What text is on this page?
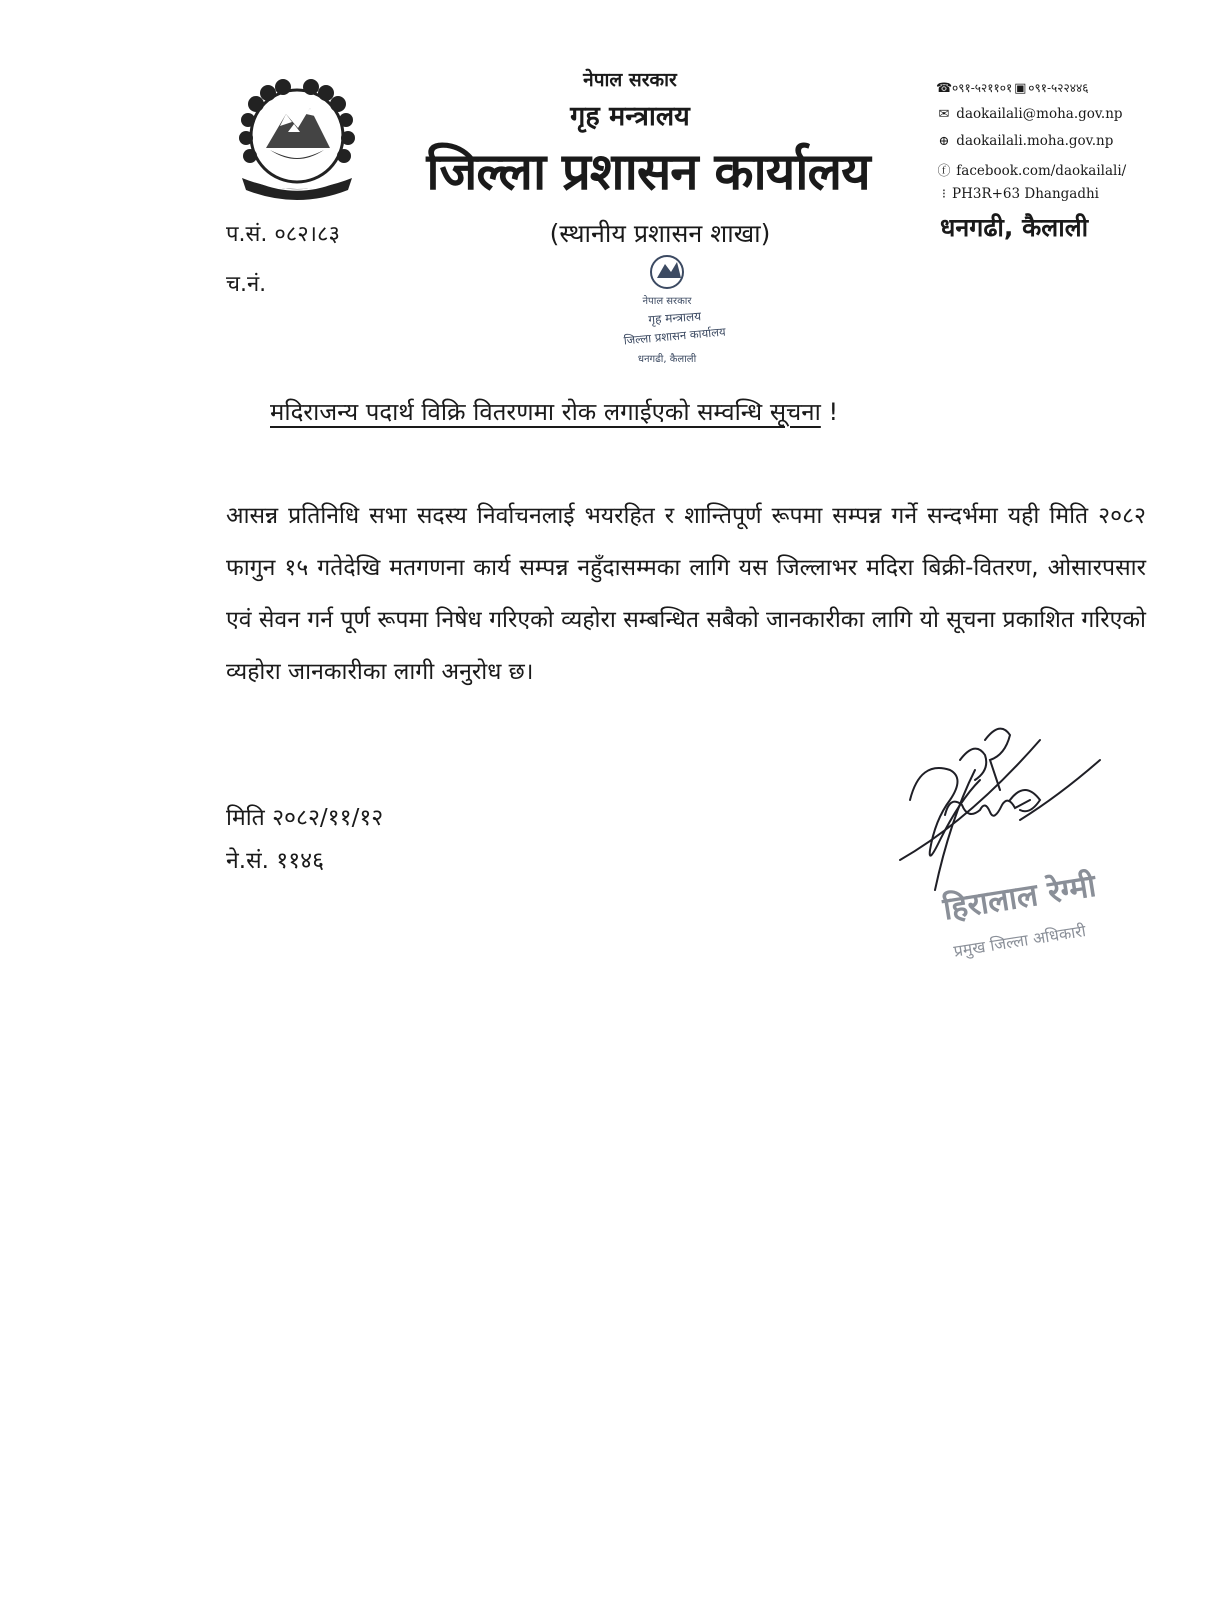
नेपाल सरकार
गृह मन्त्रालय
जिल्ला प्रशासन कार्यालय
(स्थानीय प्रशासन शाखा)
☎०९१-५२११०१ ▣ ०९१-५२२४४६
✉ daokailali@moha.gov.np
⊕ daokailali.moha.gov.np
ⓕ facebook.com/daokailali/
⁝ PH3R+63 Dhangadhi
धनगढी, कैलाली
प.सं. ०८२।८३
च.नं.
नेपाल सरकार
गृह मन्त्रालय
जिल्ला प्रशासन कार्यालय
धनगढी, कैलाली
मदिराजन्य पदार्थ विक्रि वितरणमा रोक लगाईएको सम्वन्धि सूचना !
आसन्न प्रतिनिधि सभा सदस्य निर्वाचनलाई भयरहित र शान्तिपूर्ण रूपमा सम्पन्न गर्ने सन्दर्भमा यही मिति २०८२ फागुन १५ गतेदेखि मतगणना कार्य सम्पन्न नहुँदासम्मका लागि यस जिल्लाभर मदिरा बिक्री-वितरण, ओसारपसार एवं सेवन गर्न पूर्ण रूपमा निषेध गरिएको व्यहोरा सम्बन्धित सबैको जानकारीका लागि यो सूचना प्रकाशित गरिएको व्यहोरा जानकारीका लागी अनुरोध छ।
मिति २०८२/११/१२
ने.सं. ११४६
हिरालाल रेग्मी
प्रमुख जिल्ला अधिकारी
